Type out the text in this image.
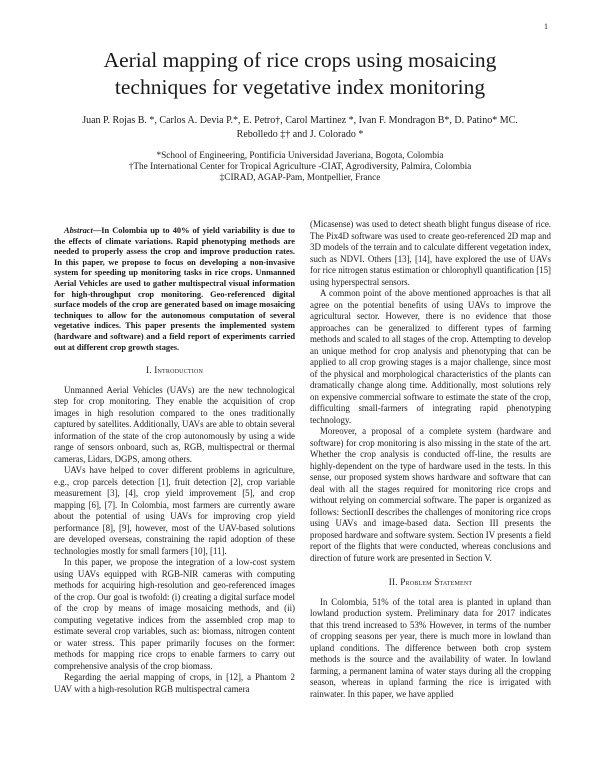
1
Aerial mapping of rice crops using mosaicing techniques for vegetative index monitoring
Juan P. Rojas B. *, Carlos A. Devia P.*, E. Petro†, Carol Martinez *, Ivan F. Mondragon B*, D. Patino* MC.
Rebolledo ‡† and J. Colorado *
*School of Engineering, Pontificia Universidad Javeriana, Bogota, Colombia
†The International Center for Tropical Agriculture -CIAT, Agrodiversity, Palmira, Colombia
‡CIRAD, AGAP-Pam, Montpellier, France

Abstract—In Colombia up to 40% of yield variability is due to the effects of climate variations. Rapid phenotyping methods are needed to properly assess the crop and improve production rates. In this paper, we propose to focus on developing a non-invasive system for speeding up monitoring tasks in rice crops. Unmanned Aerial Vehicles are used to gather multispectral visual information for high-throughput crop monitoring. Geo-referenced digital surface models of the crop are generated based on image mosaicing techniques to allow for the autonomous computation of several vegetative indices. This paper presents the implemented system (hardware and software) and a field report of experiments carried out at different crop growth stages.

I. Introduction

Unmanned Aerial Vehicles (UAVs) are the new technological step for crop monitoring. They enable the acquisition of crop images in high resolution compared to the ones traditionally captured by satellites. Additionally, UAVs are able to obtain several information of the state of the crop autonomously by using a wide range of sensors onboard, such as, RGB, multispectral or thermal cameras, Lidars, DGPS, among others.

UAVs have helped to cover different problems in agriculture, e.g., crop parcels detection [1], fruit detection [2], crop variable measurement [3], [4], crop yield improvement [5], and crop mapping [6], [7]. In Colombia, most farmers are currently aware about the potential of using UAVs for improving crop yield performance [8], [9], however, most of the UAV-based solutions are developed overseas, constraining the rapid adoption of these technologies mostly for small farmers [10], [11].

In this paper, we propose the integration of a low-cost system using UAVs equipped with RGB-NIR cameras with computing methods for acquiring high-resolution and geo-referenced images of the crop. Our goal is twofold: (i) creating a digital surface model of the crop by means of image mosaicing methods, and (ii) computing vegetative indices from the assembled crop map to estimate several crop variables, such as: biomass, nitrogen content or water stress. This paper primarily focuses on the former: methods for mapping rice crops to enable farmers to carry out comprehensive analysis of the crop biomass.

Regarding the aerial mapping of crops, in [12], a Phantom 2 UAV with a high-resolution RGB multispectral camera

(Micasense) was used to detect sheath blight fungus disease of rice. The Pix4D software was used to create geo-referenced 2D map and 3D models of the terrain and to calculate different vegetation index, such as NDVI. Others [13], [14], have explored the use of UAVs for rice nitrogen status estimation or chlorophyll quantification [15] using hyperspectral sensors.

A common point of the above mentioned approaches is that all agree on the potential benefits of using UAVs to improve the agricultural sector. However, there is no evidence that those approaches can be generalized to different types of farming methods and scaled to all stages of the crop. Attempting to develop an unique method for crop analysis and phenotyping that can be applied to all crop growing stages is a major challenge, since most of the physical and morphological characteristics of the plants can dramatically change along time. Additionally, most solutions rely on expensive commercial software to estimate the state of the crop, difficulting small-farmers of integrating rapid phenotyping technology.

Moreover, a proposal of a complete system (hardware and software) for crop monitoring is also missing in the state of the art. Whether the crop analysis is conducted off-line, the results are highly-dependent on the type of hardware used in the tests. In this sense, our proposed system shows hardware and software that can deal with all the stages required for monitoring rice crops and without relying on commercial software. The paper is organized as follows: SectionII describes the challenges of monitoring rice crops using UAVs and image-based data. Section III presents the proposed hardware and software system. Section IV presents a field report of the flights that were conducted, whereas conclusions and direction of future work are presented in Section V.

II. Problem Statement

In Colombia, 51% of the total area is planted in upland than lowland production system. Preliminary data for 2017 indicates that this trend increased to 53% However, in terms of the number of cropping seasons per year, there is much more in lowland than upland conditions. The difference between both crop system methods is the source and the availability of water. In lowland farming, a permanent lamina of water stays during all the cropping season, whereas in upland farming the rice is irrigated with rainwater. In this paper, we have applied
